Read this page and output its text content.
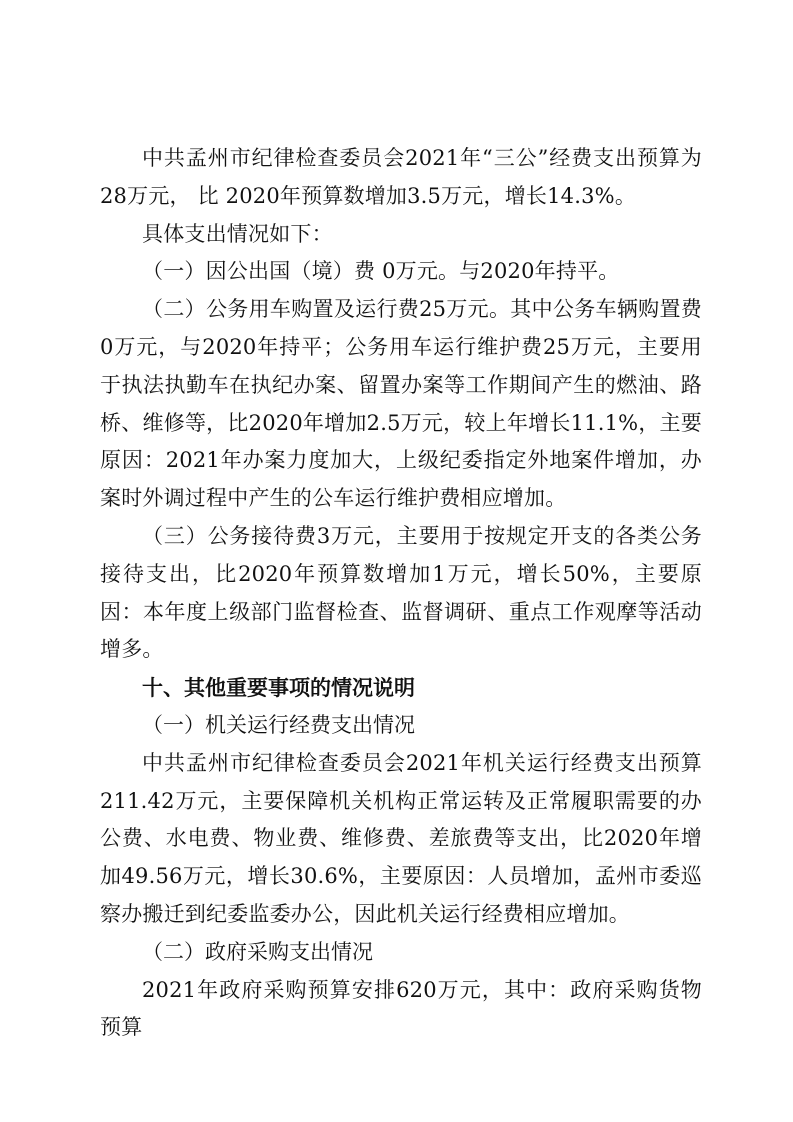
中共孟州市纪律检查委员会2021年“三公”经费支出预算为28万元， 比 2020年预算数增加3.5万元，增长14.3%。

具体支出情况如下：

（一）因公出国（境）费 0万元。与2020年持平。

（二）公务用车购置及运行费25万元。其中公务车辆购置费0万元，与2020年持平；公务用车运行维护费25万元，主要用于执法执勤车在执纪办案、留置办案等工作期间产生的燃油、路桥、维修等，比2020年增加2.5万元，较上年增长11.1%，主要原因：2021年办案力度加大，上级纪委指定外地案件增加，办案时外调过程中产生的公车运行维护费相应增加。

（三）公务接待费3万元，主要用于按规定开支的各类公务接待支出，比2020年预算数增加1万元，增长50%，主要原因：本年度上级部门监督检查、监督调研、重点工作观摩等活动增多。

十、其他重要事项的情况说明

（一）机关运行经费支出情况

中共孟州市纪律检查委员会2021年机关运行经费支出预算211.42万元，主要保障机关机构正常运转及正常履职需要的办公费、水电费、物业费、维修费、差旅费等支出，比2020年增加49.56万元，增长30.6%，主要原因：人员增加，孟州市委巡察办搬迁到纪委监委办公，因此机关运行经费相应增加。

（二）政府采购支出情况

2021年政府采购预算安排620万元，其中：政府采购货物预算
